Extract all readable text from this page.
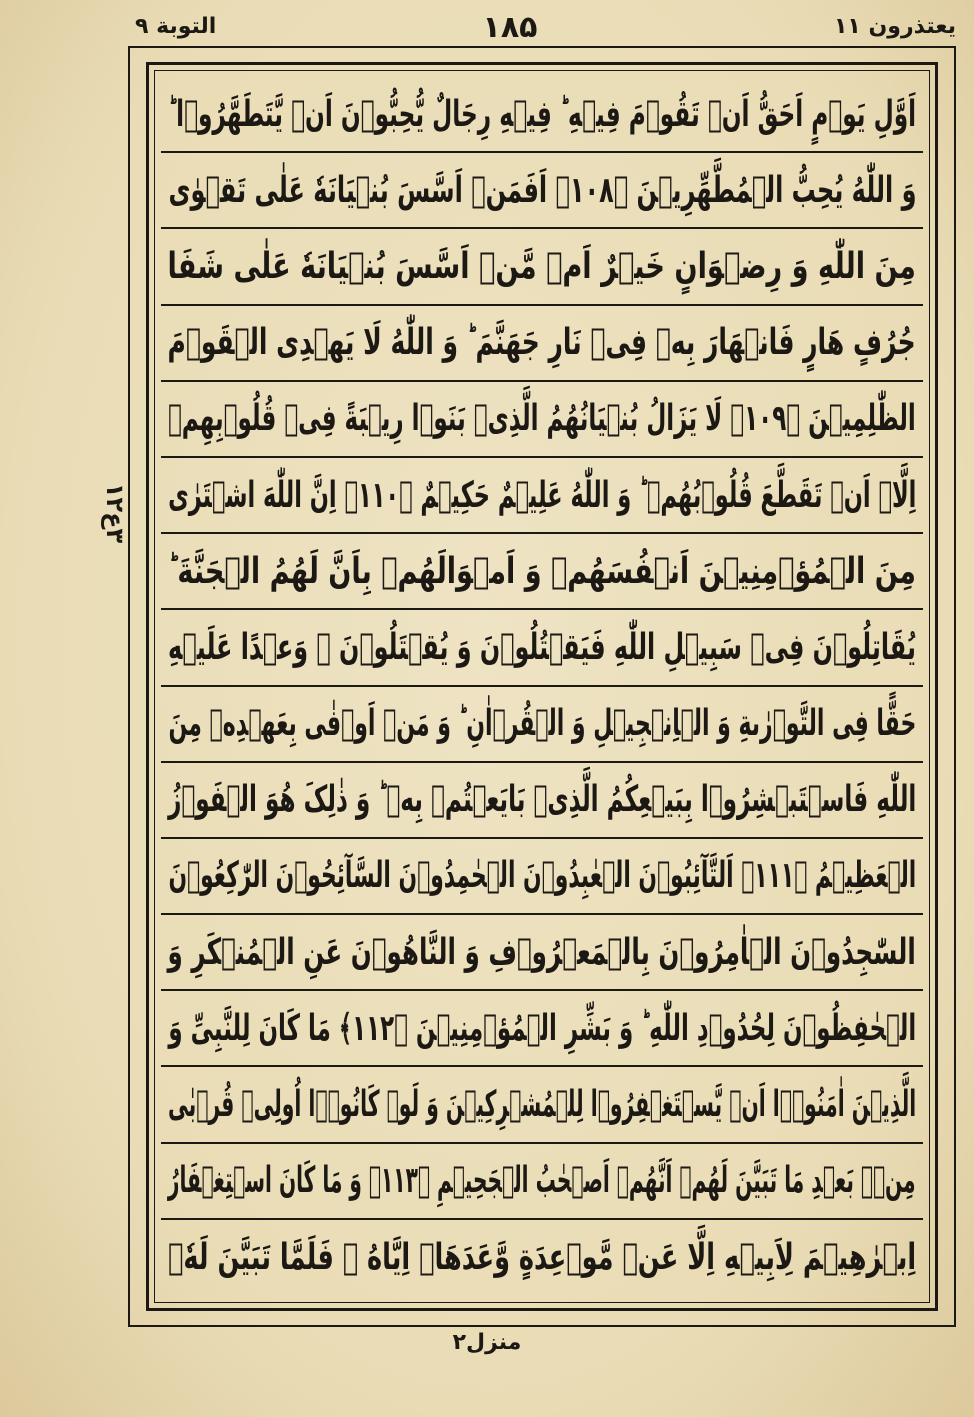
التوبة ۹	۱۸۵	یعتذرون ۱۱
۳ع۱۲
اَوَّلِ یَوۡمٍ اَحَقُّ اَنۡ تَقُوۡمَ فِیۡهِ ؕ فِیۡهِ رِجَالٌ یُّحِبُّوۡنَ اَنۡ یَّتَطَهَّرُوۡا ؕ
وَ اللّٰهُ یُحِبُّ الۡمُطَّهِّرِیۡنَ ﴿۱۰۸﴾ اَفَمَنۡ اَسَّسَ بُنۡیَانَهٗ عَلٰی تَقۡوٰی
مِنَ اللّٰهِ وَ رِضۡوَانٍ خَیۡرٌ اَمۡ مَّنۡ اَسَّسَ بُنۡیَانَهٗ عَلٰی شَفَا
جُرُفٍ هَارٍ فَانۡهَارَ بِهٖ فِیۡ نَارِ جَهَنَّمَ ؕ وَ اللّٰهُ لَا یَهۡدِی الۡقَوۡمَ
الظّٰلِمِیۡنَ ﴿۱۰۹﴾ لَا یَزَالُ بُنۡیَانُهُمُ الَّذِیۡ بَنَوۡا رِیۡبَةً فِیۡ قُلُوۡبِهِمۡ
اِلَّاۤ اَنۡ تَقَطَّعَ قُلُوۡبُهُمۡ ؕ وَ اللّٰهُ عَلِیۡمٌ حَکِیۡمٌ ﴿۱۱۰﴾ اِنَّ اللّٰهَ اشۡتَرٰی
مِنَ الۡمُؤۡمِنِیۡنَ اَنۡفُسَهُمۡ وَ اَمۡوَالَهُمۡ بِاَنَّ لَهُمُ الۡجَنَّةَ ؕ
یُقَاتِلُوۡنَ فِیۡ سَبِیۡلِ اللّٰهِ فَیَقۡتُلُوۡنَ وَ یُقۡتَلُوۡنَ ۟ وَعۡدًا عَلَیۡهِ
حَقًّا فِی التَّوۡرٰىةِ وَ الۡاِنۡجِیۡلِ وَ الۡقُرۡاٰنِ ؕ وَ مَنۡ اَوۡفٰی بِعَهۡدِهٖ مِنَ
اللّٰهِ فَاسۡتَبۡشِرُوۡا بِبَیۡعِکُمُ الَّذِیۡ بَایَعۡتُمۡ بِهٖ ؕ وَ ذٰلِکَ هُوَ الۡفَوۡزُ
الۡعَظِیۡمُ ﴿۱۱۱﴾ اَلتَّآئِبُوۡنَ الۡعٰبِدُوۡنَ الۡحٰمِدُوۡنَ السَّآئِحُوۡنَ الرّٰکِعُوۡنَ
السّٰجِدُوۡنَ الۡاٰمِرُوۡنَ بِالۡمَعۡرُوۡفِ وَ النَّاهُوۡنَ عَنِ الۡمُنۡکَرِ وَ
الۡحٰفِظُوۡنَ لِحُدُوۡدِ اللّٰهِ ؕ وَ بَشِّرِ الۡمُؤۡمِنِیۡنَ ﴿۱۱۲﴾ مَا کَانَ لِلنَّبِیِّ وَ
الَّذِیۡنَ اٰمَنُوۡۤا اَنۡ یَّسۡتَغۡفِرُوۡا لِلۡمُشۡرِکِیۡنَ وَ لَوۡ کَانُوۡۤا اُولِیۡ قُرۡبٰی
مِنۡۢ بَعۡدِ مَا تَبَیَّنَ لَهُمۡ اَنَّهُمۡ اَصۡحٰبُ الۡجَحِیۡمِ ﴿۱۱۳﴾ وَ مَا کَانَ اسۡتِغۡفَارُ
اِبۡرٰهِیۡمَ لِاَبِیۡهِ اِلَّا عَنۡ مَّوۡعِدَةٍ وَّعَدَهَاۤ اِیَّاهُ ۚ فَلَمَّا تَبَیَّنَ لَهٗۤ
منزل۲
